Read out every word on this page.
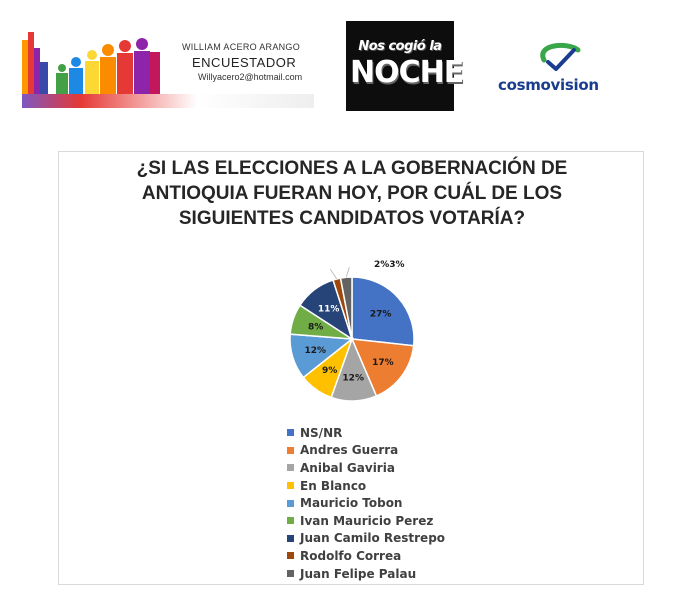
WILLIAM ACERO ARANGO
ENCUESTADOR
Willyacero2@hotmail.com
Nos cogió la
NOCHE cosmovision
¿SI LAS ELECCIONES A LA GOBERNACIÓN DE
ANTIOQUIA FUERAN HOY, POR CUÁL DE LOS
SIGUIENTES CANDIDATOS VOTARÍA?
27%
17%
12%
9%
12%
8%
11%
2%3%
NS/NR
Andres Guerra
Anibal Gaviria
En Blanco
Mauricio Tobon
Ivan Mauricio Perez
Juan Camilo Restrepo
Rodolfo Correa
Juan Felipe Palau
